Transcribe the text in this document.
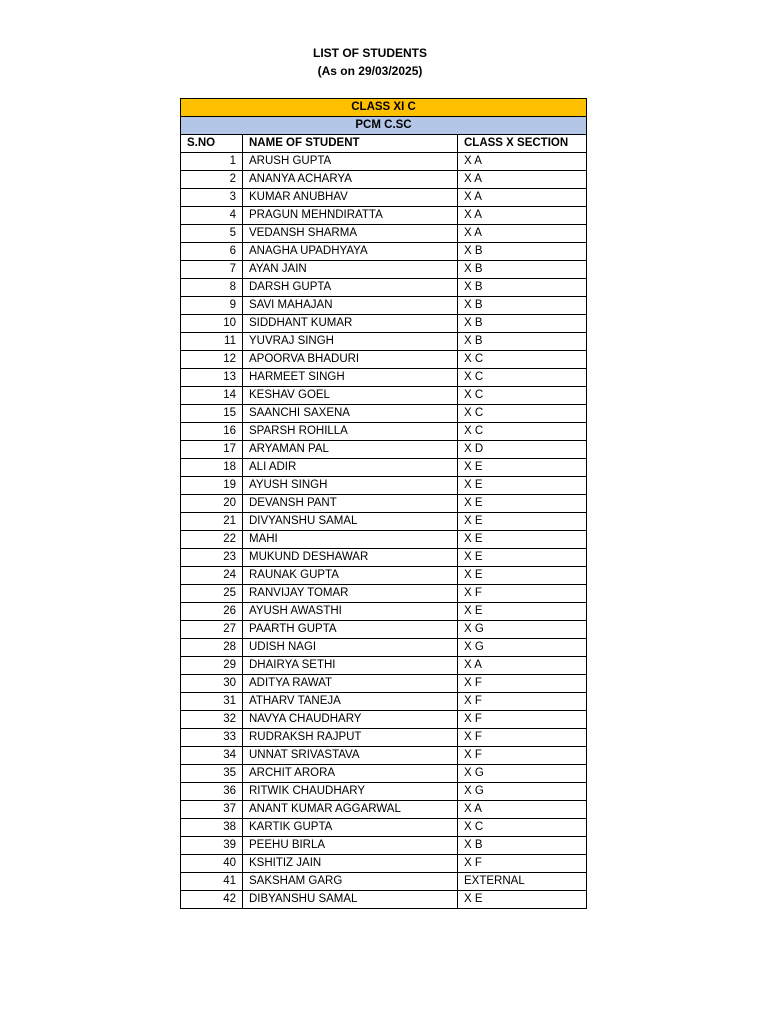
LIST OF STUDENTS
(As on 29/03/2025)
CLASS XI C		
PCM C.SC		
S.NO	NAME OF STUDENT	CLASS X SECTION
1	ARUSH GUPTA	X A
2	ANANYA ACHARYA	X A
3	KUMAR ANUBHAV	X A
4	PRAGUN MEHNDIRATTA	X A
5	VEDANSH SHARMA	X A
6	ANAGHA UPADHYAYA	X B
7	AYAN JAIN	X B
8	DARSH GUPTA	X B
9	SAVI MAHAJAN	X B
10	SIDDHANT KUMAR	X B
11	YUVRAJ SINGH	X B
12	APOORVA BHADURI	X C
13	HARMEET SINGH	X C
14	KESHAV GOEL	X C
15	SAANCHI SAXENA	X C
16	SPARSH ROHILLA	X C
17	ARYAMAN PAL	X D
18	ALI ADIR	X E
19	AYUSH SINGH	X E
20	DEVANSH PANT	X E
21	DIVYANSHU SAMAL	X E
22	MAHI	X E
23	MUKUND DESHAWAR	X E
24	RAUNAK GUPTA	X E
25	RANVIJAY TOMAR	X F
26	AYUSH AWASTHI	X E
27	PAARTH GUPTA	X G
28	UDISH NAGI	X G
29	DHAIRYA SETHI	X A
30	ADITYA RAWAT	X F
31	ATHARV TANEJA	X F
32	NAVYA CHAUDHARY	X F
33	RUDRAKSH RAJPUT	X F
34	UNNAT SRIVASTAVA	X F
35	ARCHIT ARORA	X G
36	RITWIK CHAUDHARY	X G
37	ANANT KUMAR AGGARWAL	X A
38	KARTIK GUPTA	X C
39	PEEHU BIRLA	X B
40	KSHITIZ JAIN	X F
41	SAKSHAM GARG	EXTERNAL
42	DIBYANSHU SAMAL	X E
